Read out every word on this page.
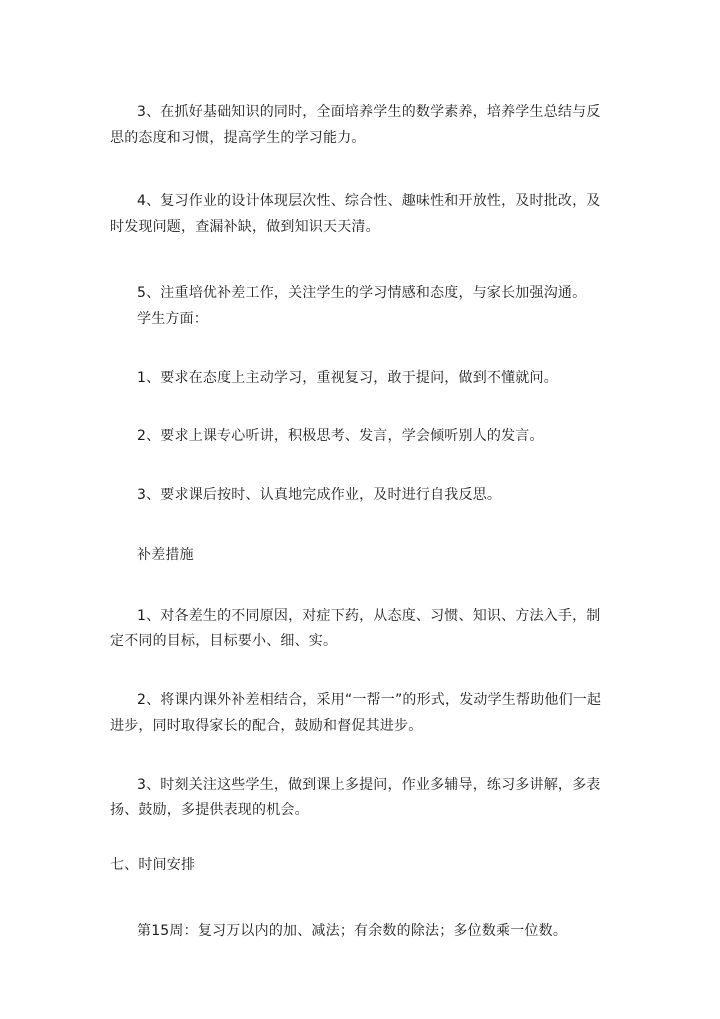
3、在抓好基础知识的同时，全面培养学生的数学素养，培养学生总结与反
思的态度和习惯，提高学生的学习能力。
4、复习作业的设计体现层次性、综合性、趣味性和开放性，及时批改，及
时发现问题，查漏补缺，做到知识天天清。
5、注重培优补差工作，关注学生的学习情感和态度，与家长加强沟通。
学生方面：
1、要求在态度上主动学习，重视复习，敢于提问，做到不懂就问。
2、要求上课专心听讲，积极思考、发言，学会倾听别人的发言。
3、要求课后按时、认真地完成作业，及时进行自我反思。
补差措施
1、对各差生的不同原因，对症下药，从态度、习惯、知识、方法入手，制
定不同的目标，目标要小、细、实。
2、将课内课外补差相结合，采用“一帮一”的形式，发动学生帮助他们一起
进步，同时取得家长的配合，鼓励和督促其进步。
3、时刻关注这些学生，做到课上多提问，作业多辅导，练习多讲解，多表
扬、鼓励，多提供表现的机会。
七、时间安排
第15周：复习万以内的加、减法；有余数的除法；多位数乘一位数。
